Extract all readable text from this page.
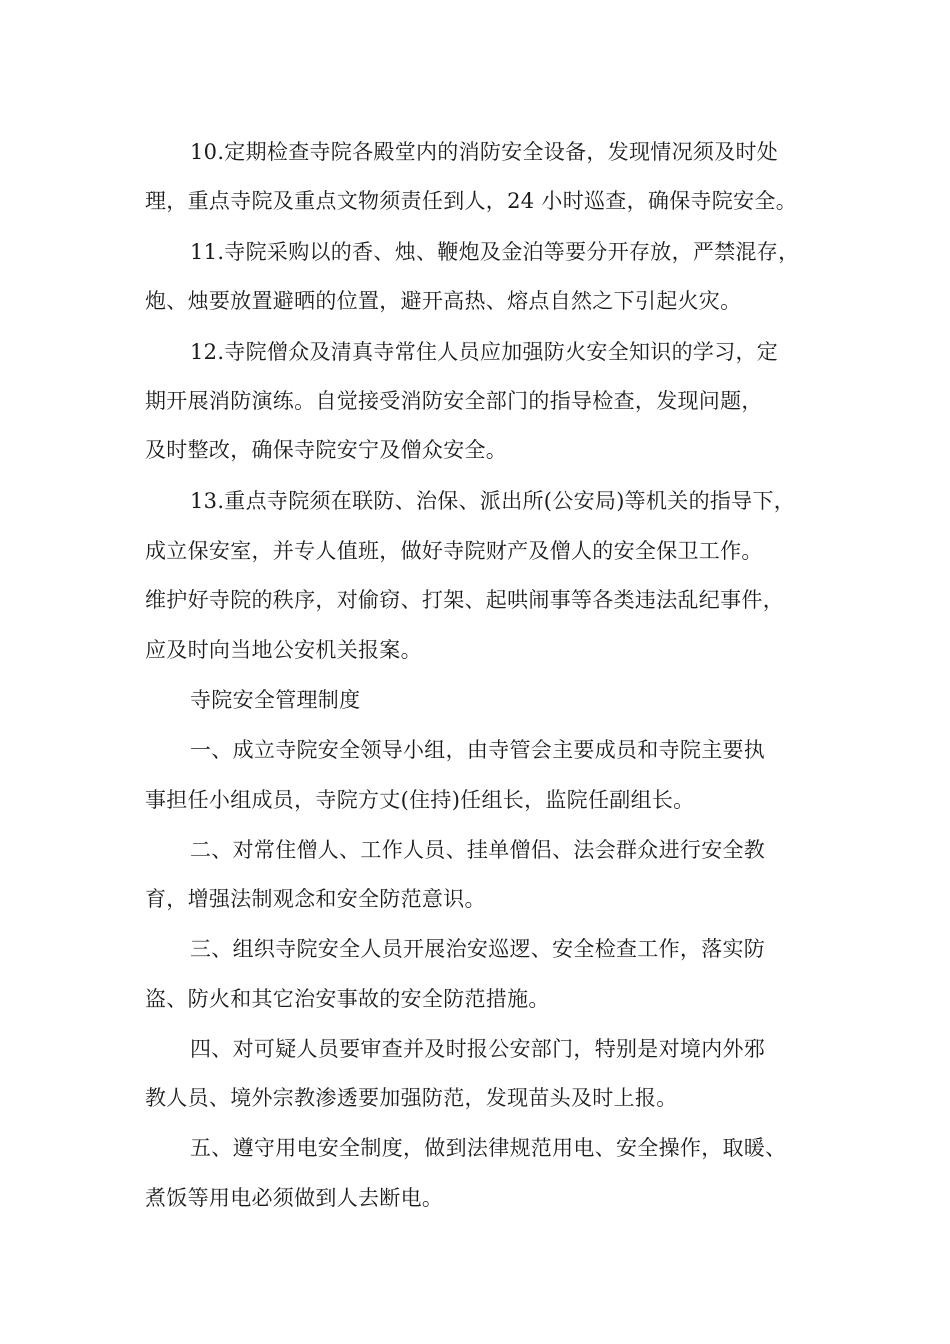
10.定期检查寺院各殿堂内的消防安全设备，发现情况须及时处
理，重点寺院及重点文物须责任到人，24 小时巡查，确保寺院安全。
11.寺院采购以的香、烛、鞭炮及金泊等要分开存放，严禁混存，
炮、烛要放置避晒的位置，避开高热、熔点自然之下引起火灾。
12.寺院僧众及清真寺常住人员应加强防火安全知识的学习，定
期开展消防演练。自觉接受消防安全部门的指导检查，发现问题，
及时整改，确保寺院安宁及僧众安全。
13.重点寺院须在联防、治保、派出所(公安局)等机关的指导下，
成立保安室，并专人值班，做好寺院财产及僧人的安全保卫工作。
维护好寺院的秩序，对偷窃、打架、起哄闹事等各类违法乱纪事件，
应及时向当地公安机关报案。
寺院安全管理制度
一、成立寺院安全领导小组，由寺管会主要成员和寺院主要执
事担任小组成员，寺院方丈(住持)任组长，监院任副组长。
二、对常住僧人、工作人员、挂单僧侣、法会群众进行安全教
育，增强法制观念和安全防范意识。
三、组织寺院安全人员开展治安巡逻、安全检查工作，落实防
盗、防火和其它治安事故的安全防范措施。
四、对可疑人员要审查并及时报公安部门，特别是对境内外邪
教人员、境外宗教渗透要加强防范，发现苗头及时上报。
五、遵守用电安全制度，做到法律规范用电、安全操作，取暖、
煮饭等用电必须做到人去断电。
